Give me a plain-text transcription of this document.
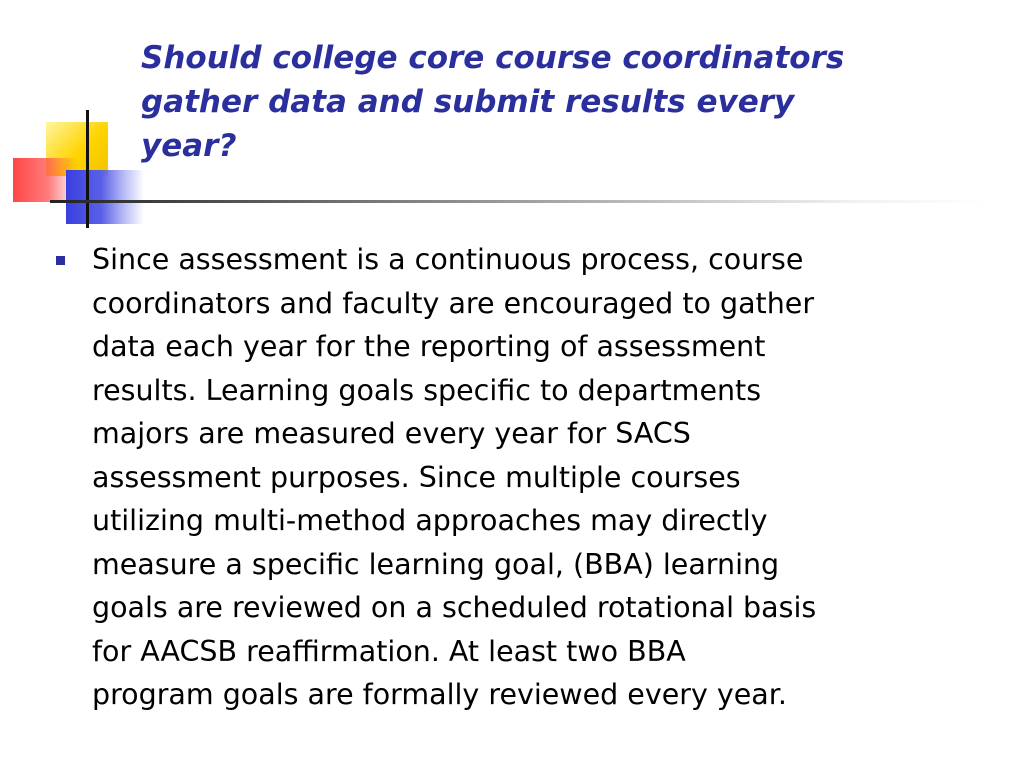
Should college core course coordinators
gather data and submit results every
year?
Since assessment is a continuous process, course
coordinators and faculty are encouraged to gather
data each year for the reporting of assessment
results. Learning goals specific to departments
majors are measured every year for SACS
assessment purposes. Since multiple courses
utilizing multi-method approaches may directly
measure a specific learning goal, (BBA) learning
goals are reviewed on a scheduled rotational basis
for AACSB reaffirmation. At least two BBA
program goals are formally reviewed every year.
